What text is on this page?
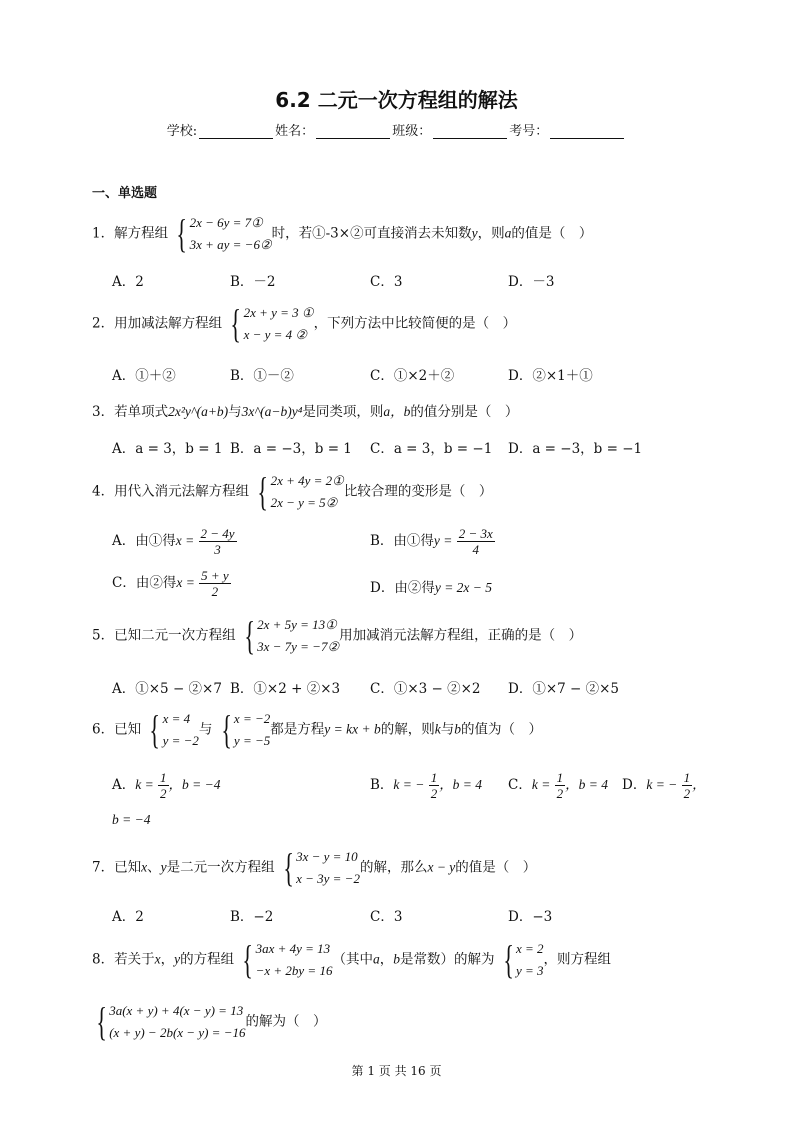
6.2 二元一次方程组的解法
学校:	姓名：	班级：	考号：
一、单选题
1．解方程组 { 2x − 6y = 7①
3x + ay = −6②
时，若①-3×②可直接消去未知数y，则a的值是（　）
A．2	B．－2	C．3	D．－3
2．用加减法解方程组 { 2x + y = 3 ①
x − y = 4 ②
，下列方法中比较简便的是（　）
A．①＋②	B．①－②	C．①×2＋②	D．②×1＋①
3．若单项式2x²y^(a+b)与3x^(a−b)y⁴是同类项，则a，b的值分别是（　）
A．a = 3，b = 1 B．a = −3，b = 1 C．a = 3，b = −1 D．a = −3，b = −1
4．用代入消元法解方程组 { 2x + 4y = 2①
2x − y = 5②
比较合理的变形是（　）
A．由①得$x = \frac{2 - 4y}{3}$	B．由①得$y = \frac{2 - 3x}{4}$
C．由②得$x = \frac{5 + y}{2}$	D．由②得y = 2x − 5
5．已知二元一次方程组 { 2x + 5y = 13①
3x − 7y = −7②
用加减消元法解方程组，正确的是（　）
A．①×5 − ②×7 B．①×2 + ②×3 C．①×3 − ②×2 D．①×7 − ②×5
6．已知 { x = 4
y = −2
与 { x = −2
y = −5
都是方程y = kx + b的解，则k与b的值为（　）
A．$k = \frac{1}{2}$ ，b = −4	B．k = − $\frac{1}{2}$ ，b = 4 C．$k = \frac{1}{2}$ ，b = 4 D．k = − $\frac{1}{2}$ ，
b = −4
7．已知x、y是二元一次方程组 { 3x − y = 10
x − 3y = −2
的解，那么x − y的值是（　）
A．2	B．−2	C．3	D．−3
8．若关于x，y的方程组 { 3ax + 4y = 13
−x + 2by = 16
（其中a，b是常数）的解为 { x = 2
y = 3
，则方程组
{ 3a(x + y) + 4(x − y) = 13
(x + y) − 2b(x − y) = −16
的解为（　）
第 1 页 共 16 页
